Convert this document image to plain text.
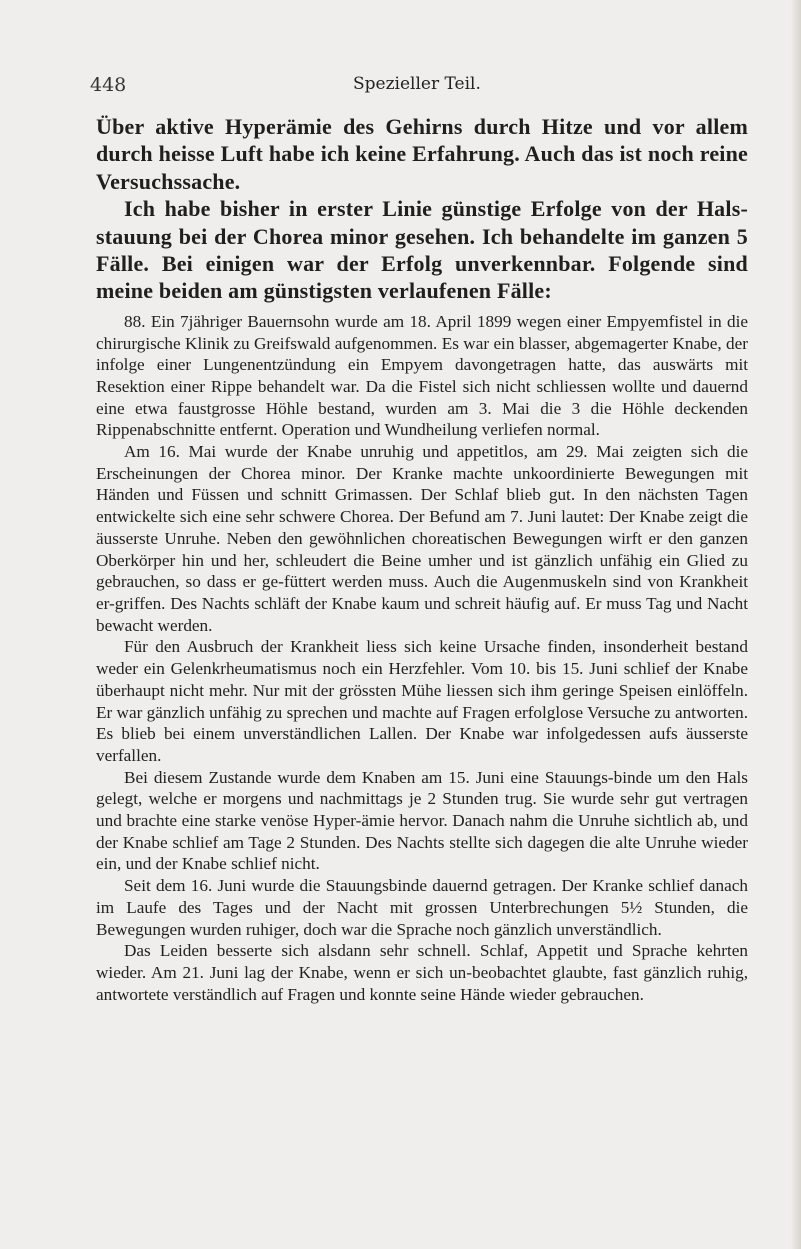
448	Spezieller Teil.

Über aktive Hyperämie des Gehirns durch Hitze und vor allem durch heisse Luft habe ich keine Erfahrung. Auch das ist noch reine Versuchssache.

Ich habe bisher in erster Linie günstige Erfolge von der Hals-stauung bei der Chorea minor gesehen. Ich behandelte im ganzen 5 Fälle. Bei einigen war der Erfolg unverkennbar. Folgende sind meine beiden am günstigsten verlaufenen Fälle:

88. Ein 7jähriger Bauernsohn wurde am 18. April 1899 wegen einer Empyemfistel in die chirurgische Klinik zu Greifswald aufgenommen. Es war ein blasser, abgemagerter Knabe, der infolge einer Lungenentzündung ein Empyem davongetragen hatte, das auswärts mit Resektion einer Rippe behandelt war. Da die Fistel sich nicht schliessen wollte und dauernd eine etwa faustgrosse Höhle bestand, wurden am 3. Mai die 3 die Höhle deckenden Rippenabschnitte entfernt. Operation und Wundheilung verliefen normal.

Am 16. Mai wurde der Knabe unruhig und appetitlos, am 29. Mai zeigten sich die Erscheinungen der Chorea minor. Der Kranke machte unkoordinierte Bewegungen mit Händen und Füssen und schnitt Grimassen. Der Schlaf blieb gut. In den nächsten Tagen entwickelte sich eine sehr schwere Chorea. Der Befund am 7. Juni lautet: Der Knabe zeigt die äusserste Unruhe. Neben den gewöhnlichen choreatischen Bewegungen wirft er den ganzen Oberkörper hin und her, schleudert die Beine umher und ist gänzlich unfähig ein Glied zu gebrauchen, so dass er ge-füttert werden muss. Auch die Augenmuskeln sind von Krankheit er-griffen. Des Nachts schläft der Knabe kaum und schreit häufig auf. Er muss Tag und Nacht bewacht werden.

Für den Ausbruch der Krankheit liess sich keine Ursache finden, insonderheit bestand weder ein Gelenkrheumatismus noch ein Herzfehler. Vom 10. bis 15. Juni schlief der Knabe überhaupt nicht mehr. Nur mit der grössten Mühe liessen sich ihm geringe Speisen einlöffeln. Er war gänzlich unfähig zu sprechen und machte auf Fragen erfolglose Versuche zu antworten. Es blieb bei einem unverständlichen Lallen. Der Knabe war infolgedessen aufs äusserste verfallen.

Bei diesem Zustande wurde dem Knaben am 15. Juni eine Stauungs-binde um den Hals gelegt, welche er morgens und nachmittags je 2 Stunden trug. Sie wurde sehr gut vertragen und brachte eine starke venöse Hyper-ämie hervor. Danach nahm die Unruhe sichtlich ab, und der Knabe schlief am Tage 2 Stunden. Des Nachts stellte sich dagegen die alte Unruhe wieder ein, und der Knabe schlief nicht.

Seit dem 16. Juni wurde die Stauungsbinde dauernd getragen. Der Kranke schlief danach im Laufe des Tages und der Nacht mit grossen Unterbrechungen 5½ Stunden, die Bewegungen wurden ruhiger, doch war die Sprache noch gänzlich unverständlich.

Das Leiden besserte sich alsdann sehr schnell. Schlaf, Appetit und Sprache kehrten wieder. Am 21. Juni lag der Knabe, wenn er sich un-beobachtet glaubte, fast gänzlich ruhig, antwortete verständlich auf Fragen und konnte seine Hände wieder gebrauchen.
